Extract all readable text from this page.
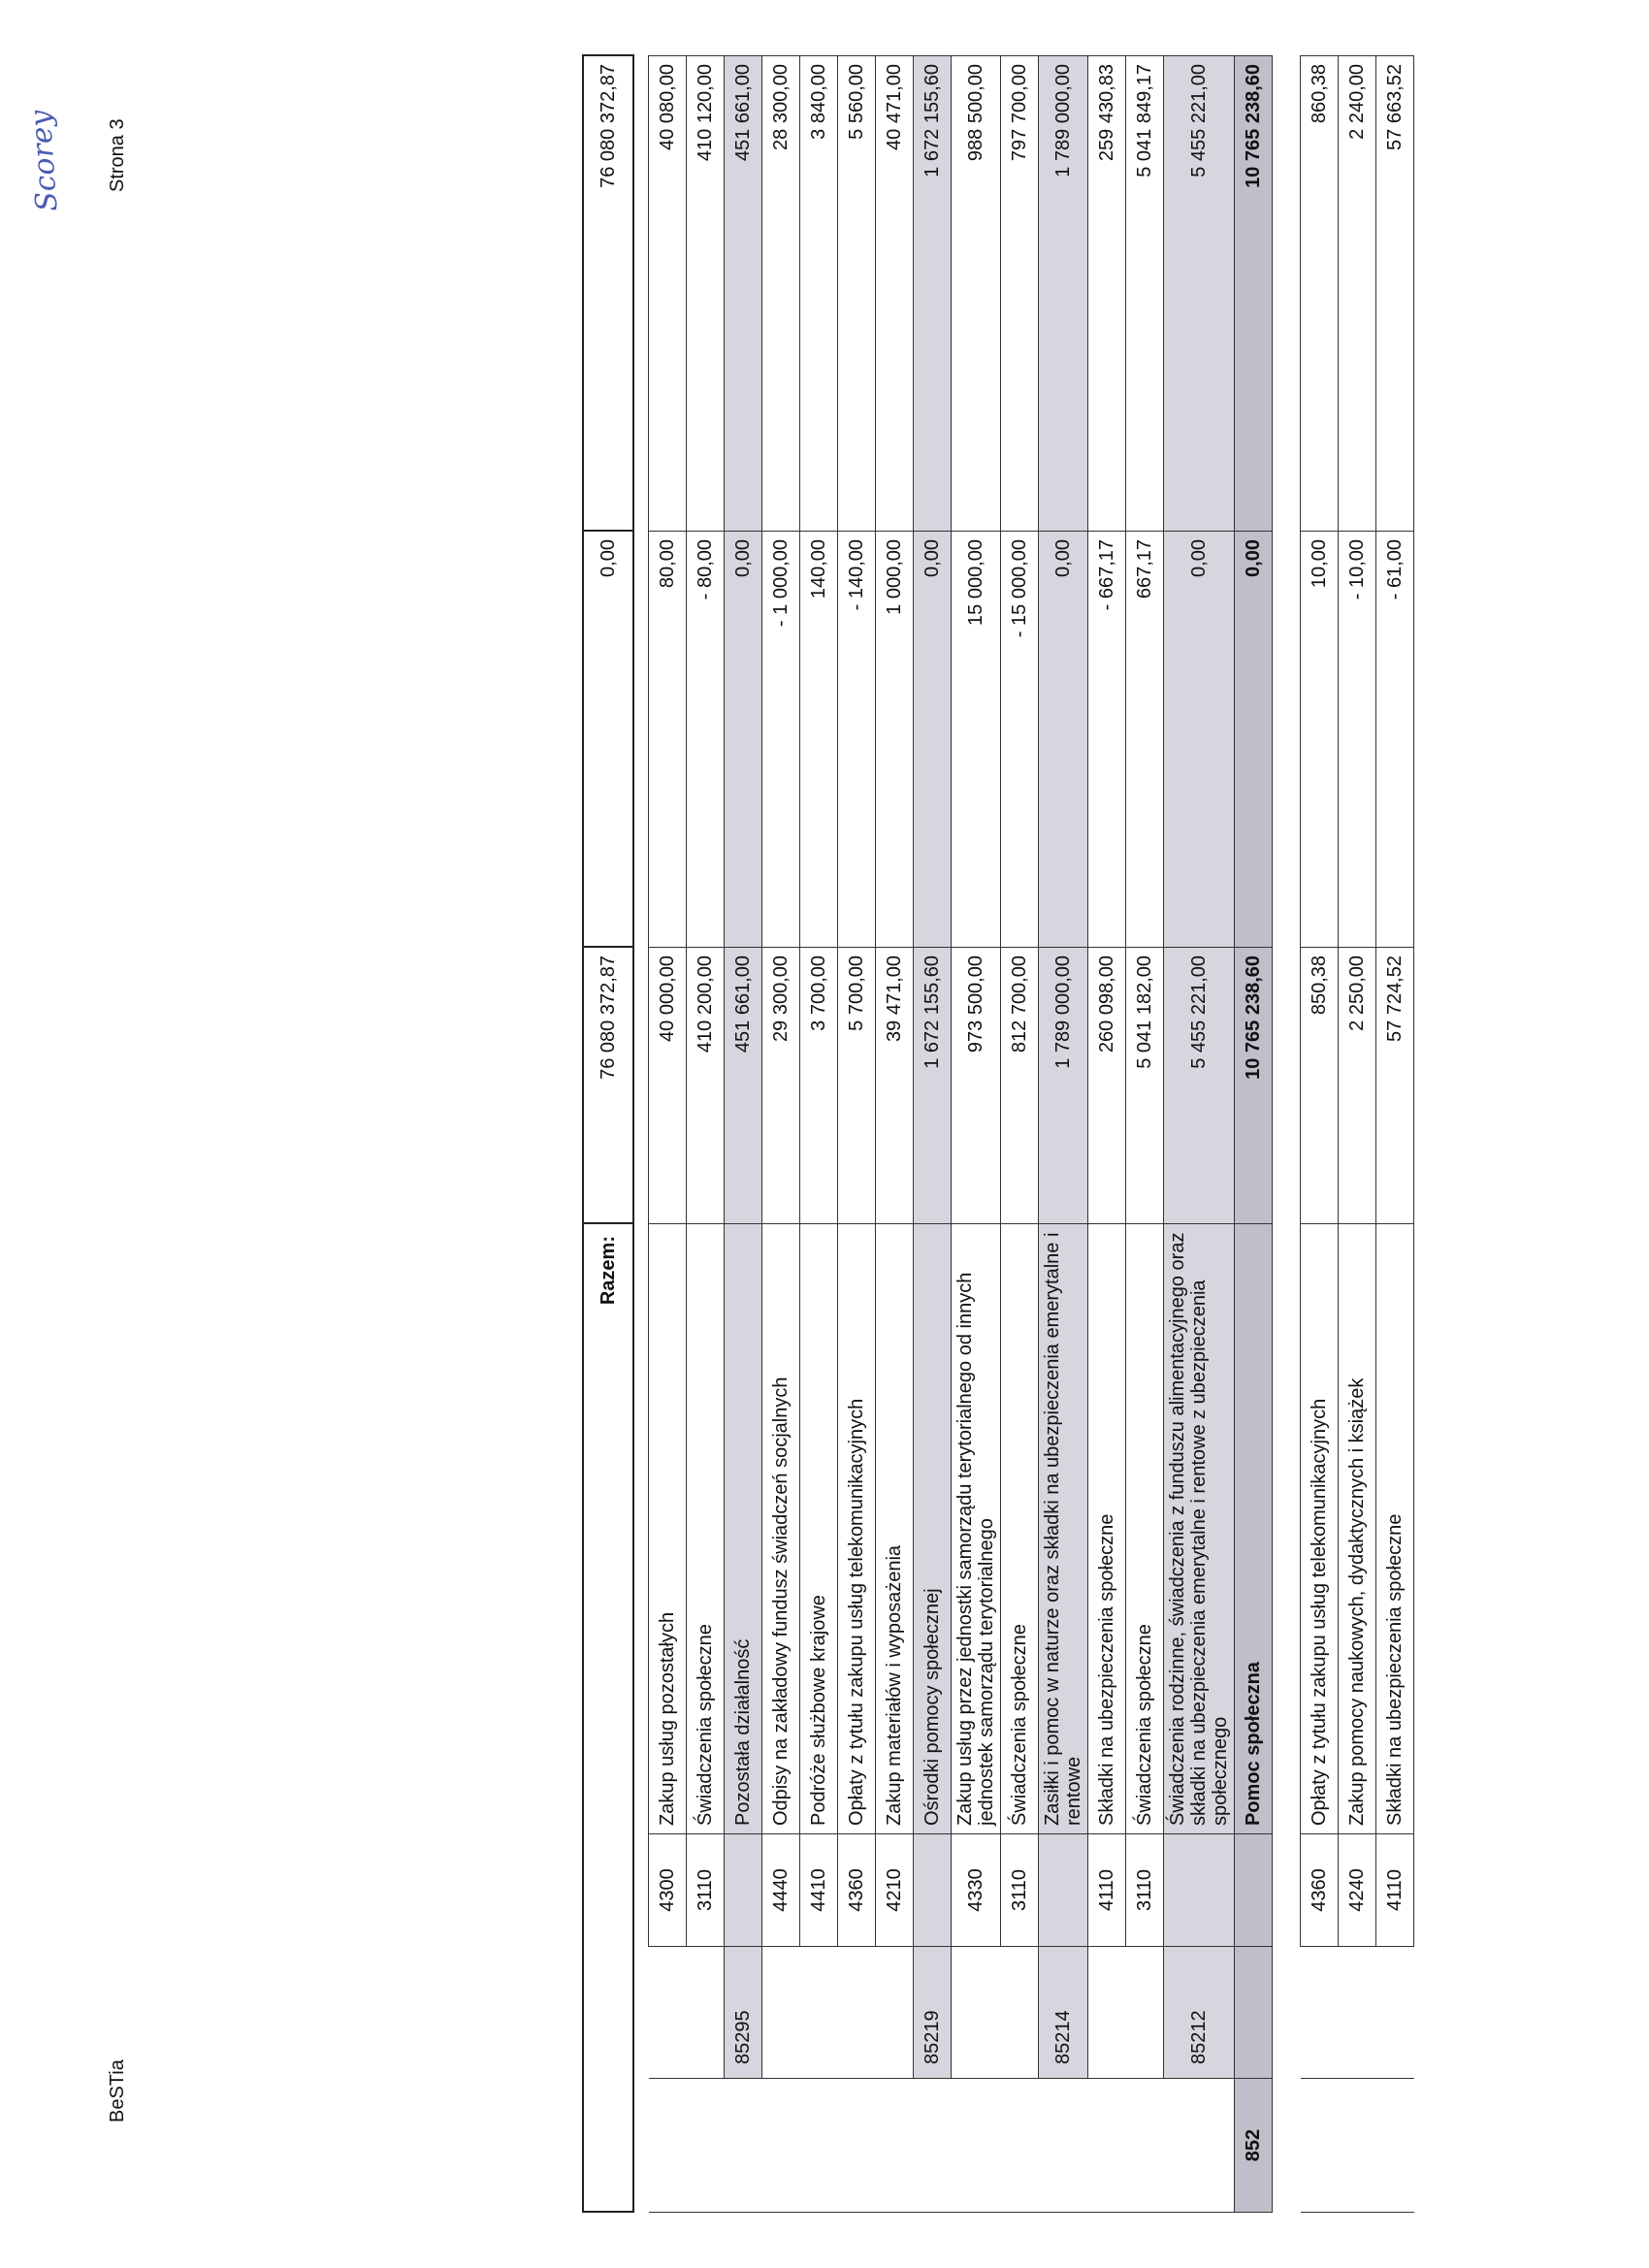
BeSTia
Strona 3
Scorey
Razem:	76 080 372,87	0,00	76 080 372,87
		4300	Zakup usług pozostałych	40 000,00	80,00	40 080,00
		3110	Świadczenia społeczne	410 200,00	- 80,00	410 120,00
	85295		Pozostała działalność	451 661,00	0,00	451 661,00
		4440	Odpisy na zakładowy fundusz świadczeń socjalnych	29 300,00	- 1 000,00	28 300,00
		4410	Podróże służbowe krajowe	3 700,00	140,00	3 840,00
		4360	Opłaty z tytułu zakupu usług telekomunikacyjnych	5 700,00	- 140,00	5 560,00
		4210	Zakup materiałów i wyposażenia	39 471,00	1 000,00	40 471,00
	85219		Ośrodki pomocy społecznej	1 672 155,60	0,00	1 672 155,60
		4330	Zakup usług przez jednostki samorządu terytorialnego od innych jednostek samorządu terytorialnego	973 500,00	15 000,00	988 500,00
		3110	Świadczenia społeczne	812 700,00	- 15 000,00	797 700,00
	85214		Zasiłki i pomoc w naturze oraz składki na ubezpieczenia emerytalne i rentowe	1 789 000,00	0,00	1 789 000,00
		4110	Składki na ubezpieczenia społeczne	260 098,00	- 667,17	259 430,83
		3110	Świadczenia społeczne	5 041 182,00	667,17	5 041 849,17
	85212		Świadczenia rodzinne, świadczenia z funduszu alimentacyjnego oraz składki na ubezpieczenia emerytalne i rentowe z ubezpieczenia społecznego	5 455 221,00	0,00	5 455 221,00
852			Pomoc społeczna	10 765 238,60	0,00	10 765 238,60

		4360	Opłaty z tytułu zakupu usług telekomunikacyjnych	850,38	10,00	860,38
		4240	Zakup pomocy naukowych, dydaktycznych i książek	2 250,00	- 10,00	2 240,00
		4110	Składki na ubezpieczenia społeczne	57 724,52	- 61,00	57 663,52
